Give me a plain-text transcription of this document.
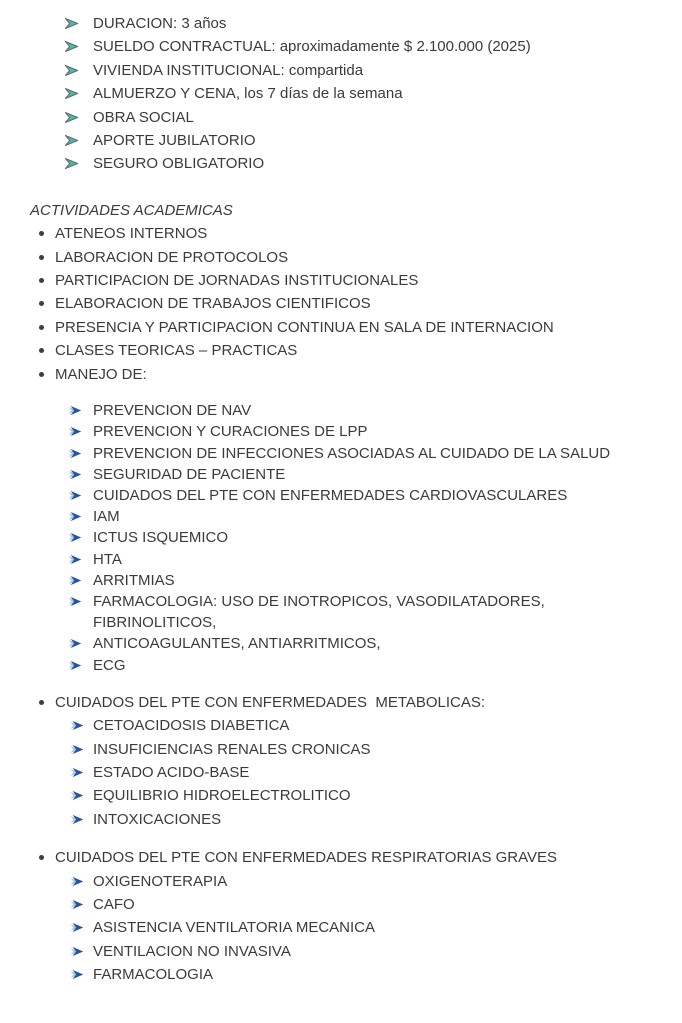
DURACION: 3 años
SUELDO CONTRACTUAL: aproximadamente $ 2.100.000 (2025)
VIVIENDA INSTITUCIONAL: compartida
ALMUERZO Y CENA, los 7 días de la semana
OBRA SOCIAL
APORTE JUBILATORIO
SEGURO OBLIGATORIO
ACTIVIDADES ACADEMICAS
ATENEOS INTERNOS
LABORACION DE PROTOCOLOS
PARTICIPACION DE JORNADAS INSTITUCIONALES
ELABORACION DE TRABAJOS CIENTIFICOS
PRESENCIA Y PARTICIPACION CONTINUA EN SALA DE INTERNACION
CLASES TEORICAS – PRACTICAS
MANEJO DE:
PREVENCION DE NAV
PREVENCION Y CURACIONES DE LPP
PREVENCION DE INFECCIONES ASOCIADAS AL CUIDADO DE LA SALUD
SEGURIDAD DE PACIENTE
CUIDADOS DEL PTE CON ENFERMEDADES CARDIOVASCULARES
IAM
ICTUS ISQUEMICO
HTA
ARRITMIAS
FARMACOLOGIA: USO DE INOTROPICOS, VASODILATADORES, FIBRINOLITICOS,
ANTICOAGULANTES, ANTIARRITMICOS,
ECG
CUIDADOS DEL PTE CON ENFERMEDADES  METABOLICAS:
CETOACIDOSIS DIABETICA
INSUFICIENCIAS RENALES CRONICAS
ESTADO ACIDO-BASE
EQUILIBRIO HIDROELECTROLITICO
INTOXICACIONES
CUIDADOS DEL PTE CON ENFERMEDADES RESPIRATORIAS GRAVES
OXIGENOTERAPIA
CAFO
ASISTENCIA VENTILATORIA MECANICA
VENTILACION NO INVASIVA
FARMACOLOGIA
